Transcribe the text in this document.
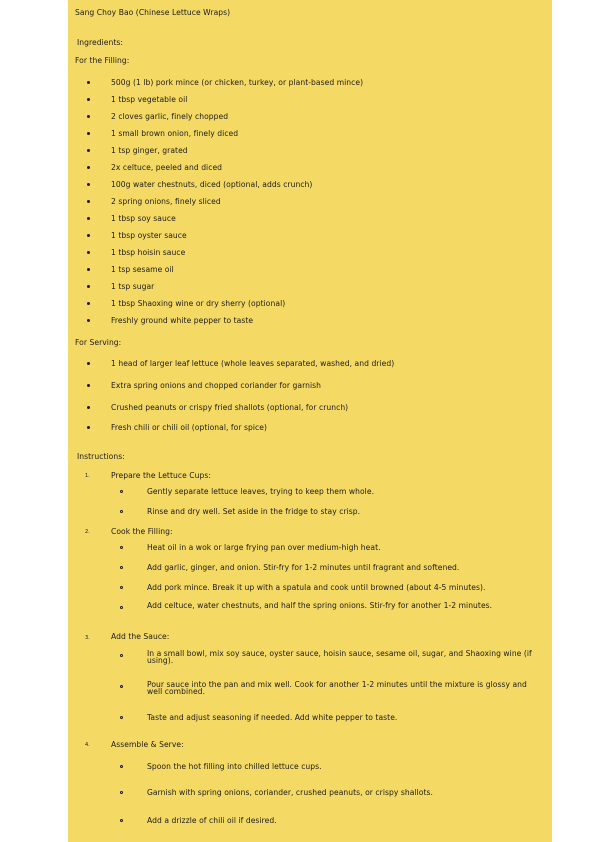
Sang Choy Bao (Chinese Lettuce Wraps)
Ingredients:
For the Filling:
500g (1 lb) pork mince (or chicken, turkey, or plant-based mince)
1 tbsp vegetable oil
2 cloves garlic, finely chopped
1 small brown onion, finely diced
1 tsp ginger, grated
2x celtuce, peeled and diced
100g water chestnuts, diced (optional, adds crunch)
2 spring onions, finely sliced
1 tbsp soy sauce
1 tbsp oyster sauce
1 tbsp hoisin sauce
1 tsp sesame oil
1 tsp sugar
1 tbsp Shaoxing wine or dry sherry (optional)
Freshly ground white pepper to taste
For Serving:
1 head of larger leaf lettuce (whole leaves separated, washed, and dried)
Extra spring onions and chopped coriander for garnish
Crushed peanuts or crispy fried shallots (optional, for crunch)
Fresh chili or chili oil (optional, for spice)
Instructions:
1.	Prepare the Lettuce Cups:
Gently separate lettuce leaves, trying to keep them whole.
Rinse and dry well. Set aside in the fridge to stay crisp.
2.	Cook the Filling:
Heat oil in a wok or large frying pan over medium-high heat.
Add garlic, ginger, and onion. Stir-fry for 1-2 minutes until fragrant and softened.
Add pork mince. Break it up with a spatula and cook until browned (about 4-5 minutes).
Add celtuce, water chestnuts, and half the spring onions. Stir-fry for another 1-2 minutes.
3.	Add the Sauce:
In a small bowl, mix soy sauce, oyster sauce, hoisin sauce, sesame oil, sugar, and Shaoxing wine (if using).
Pour sauce into the pan and mix well. Cook for another 1-2 minutes until the mixture is glossy and well combined.
Taste and adjust seasoning if needed. Add white pepper to taste.
4.	Assemble & Serve:
Spoon the hot filling into chilled lettuce cups.
Garnish with spring onions, coriander, crushed peanuts, or crispy shallots.
Add a drizzle of chili oil if desired.
